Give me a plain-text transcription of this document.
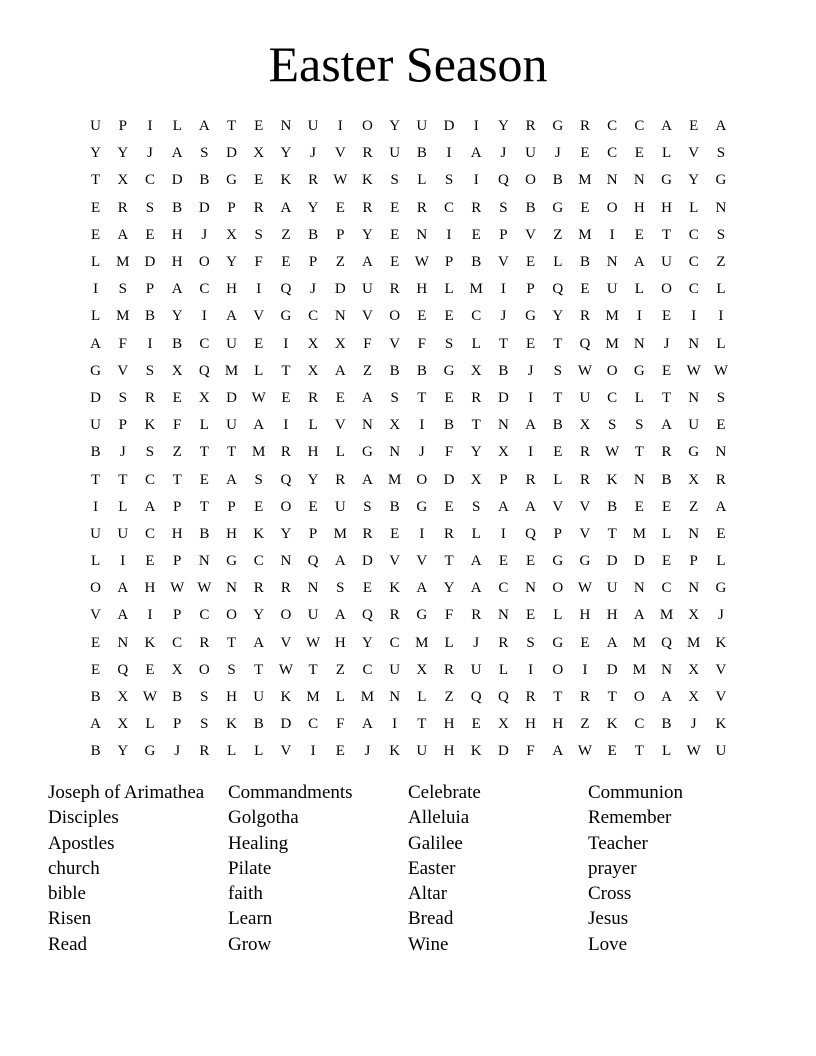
Easter Season
U	P	I	L	A	T	E	N	U	I	O	Y	U	D	I	Y	R	G	R	C	C	A	E	A
Y	Y	J	A	S	D	X	Y	J	V	R	U	B	I	A	J	U	J	E	C	E	L	V	S
T	X	C	D	B	G	E	K	R	W K	S	L	S	I	Q	O	B	M	N	N	G	Y	G
E	R	S	B	D	P	R	A	Y	E	R	E	R	C	R	S	B	G	E	O	H	H	L	N
E	A	E	H	J	X	S	Z	B	P	Y	E	N	I	E	P	V	Z	M	I	E	T	C	S
L	M	D	H	O	Y	F	E	P	Z	A	E	W	P	B	V	E	L	B	N	A	U	C	Z
I	S	P	A	C	H	I	Q	J	D	U	R	H	L	M	I	P	Q	E	U	L	O	C	L
L	M	B	Y	I	A	V	G	C	N	V	O	E	E	C	J	G	Y	R	M	I	E	I	I
A	F	I	B	C	U	E	I	X	X	F	V	F	S	L	T	E	T	Q	M	N	J	N	L
G	V	S	X	Q	M	L	T	X	A	Z	B	B	G	X	B	J	S	W O	G	E	W W
D	S	R	E	X	D W	E	R	E	A	S	T	E	R	D	I	T	U	C	L	T	N	S
U	P	K	F	L	U	A	I	L	V	N	X	I	B	T	N	A	B	X	S	S	A	U	E
B	J	S	Z	T	T	M	R	H	L	G	N	J	F	Y	X	I	E	R	W	T	R	G	N
T	T	C	T	E	A	S	Q	Y	R	A	M	O	D	X	P	R	L	R	K	N	B	X	R
I	L	A	P	T	P	E	O	E	U	S	B	G	E	S	A	A	V	V	B	E	E	Z	A
U	U	C	H	B	H	K	Y	P	M	R	E	I	R	L	I	Q	P	V	T	M	L	N	E
L	I	E	P	N	G	C	N	Q	A	D	V	V	T	A	E	E	G	G	D	D	E	P	L
O	A	H W W N	R	R	N	S	E	K	A	Y	A	C	N	O W U	N	C	N	G
V	A	I	P	C	O	Y	O	U	A	Q	R	G	F	R	N	E	L	H	H	A	M	X	J
E	N	K	C	R	T	A	V W H	Y	C	M	L	J	R	S	G	E	A	M	Q	M	K
E	Q	E	X	O	S	T	W	T	Z	C	U	X	R	U	L	I	O	I	D	M	N	X	V
B	X W	B	S	H	U	K	M	L	M	N	L	Z	Q	Q	R	T	R	T	O	A	X	V
A	X	L	P	S	K	B	D	C	F	A	I	T	H	E	X	H	H	Z	K	C	B	J	K
B	Y	G	J	R	L	L	V	I	E	J	K	U	H	K	D	F	A W	E	T	L	W U
Joseph of Arimathea
Disciples
Apostles
church
bible
Risen
Read
Commandments
Golgotha
Healing
Pilate
faith
Learn
Grow
Celebrate
Alleluia
Galilee
Easter
Altar
Bread
Wine
Communion
Remember
Teacher
prayer
Cross
Jesus
Love
